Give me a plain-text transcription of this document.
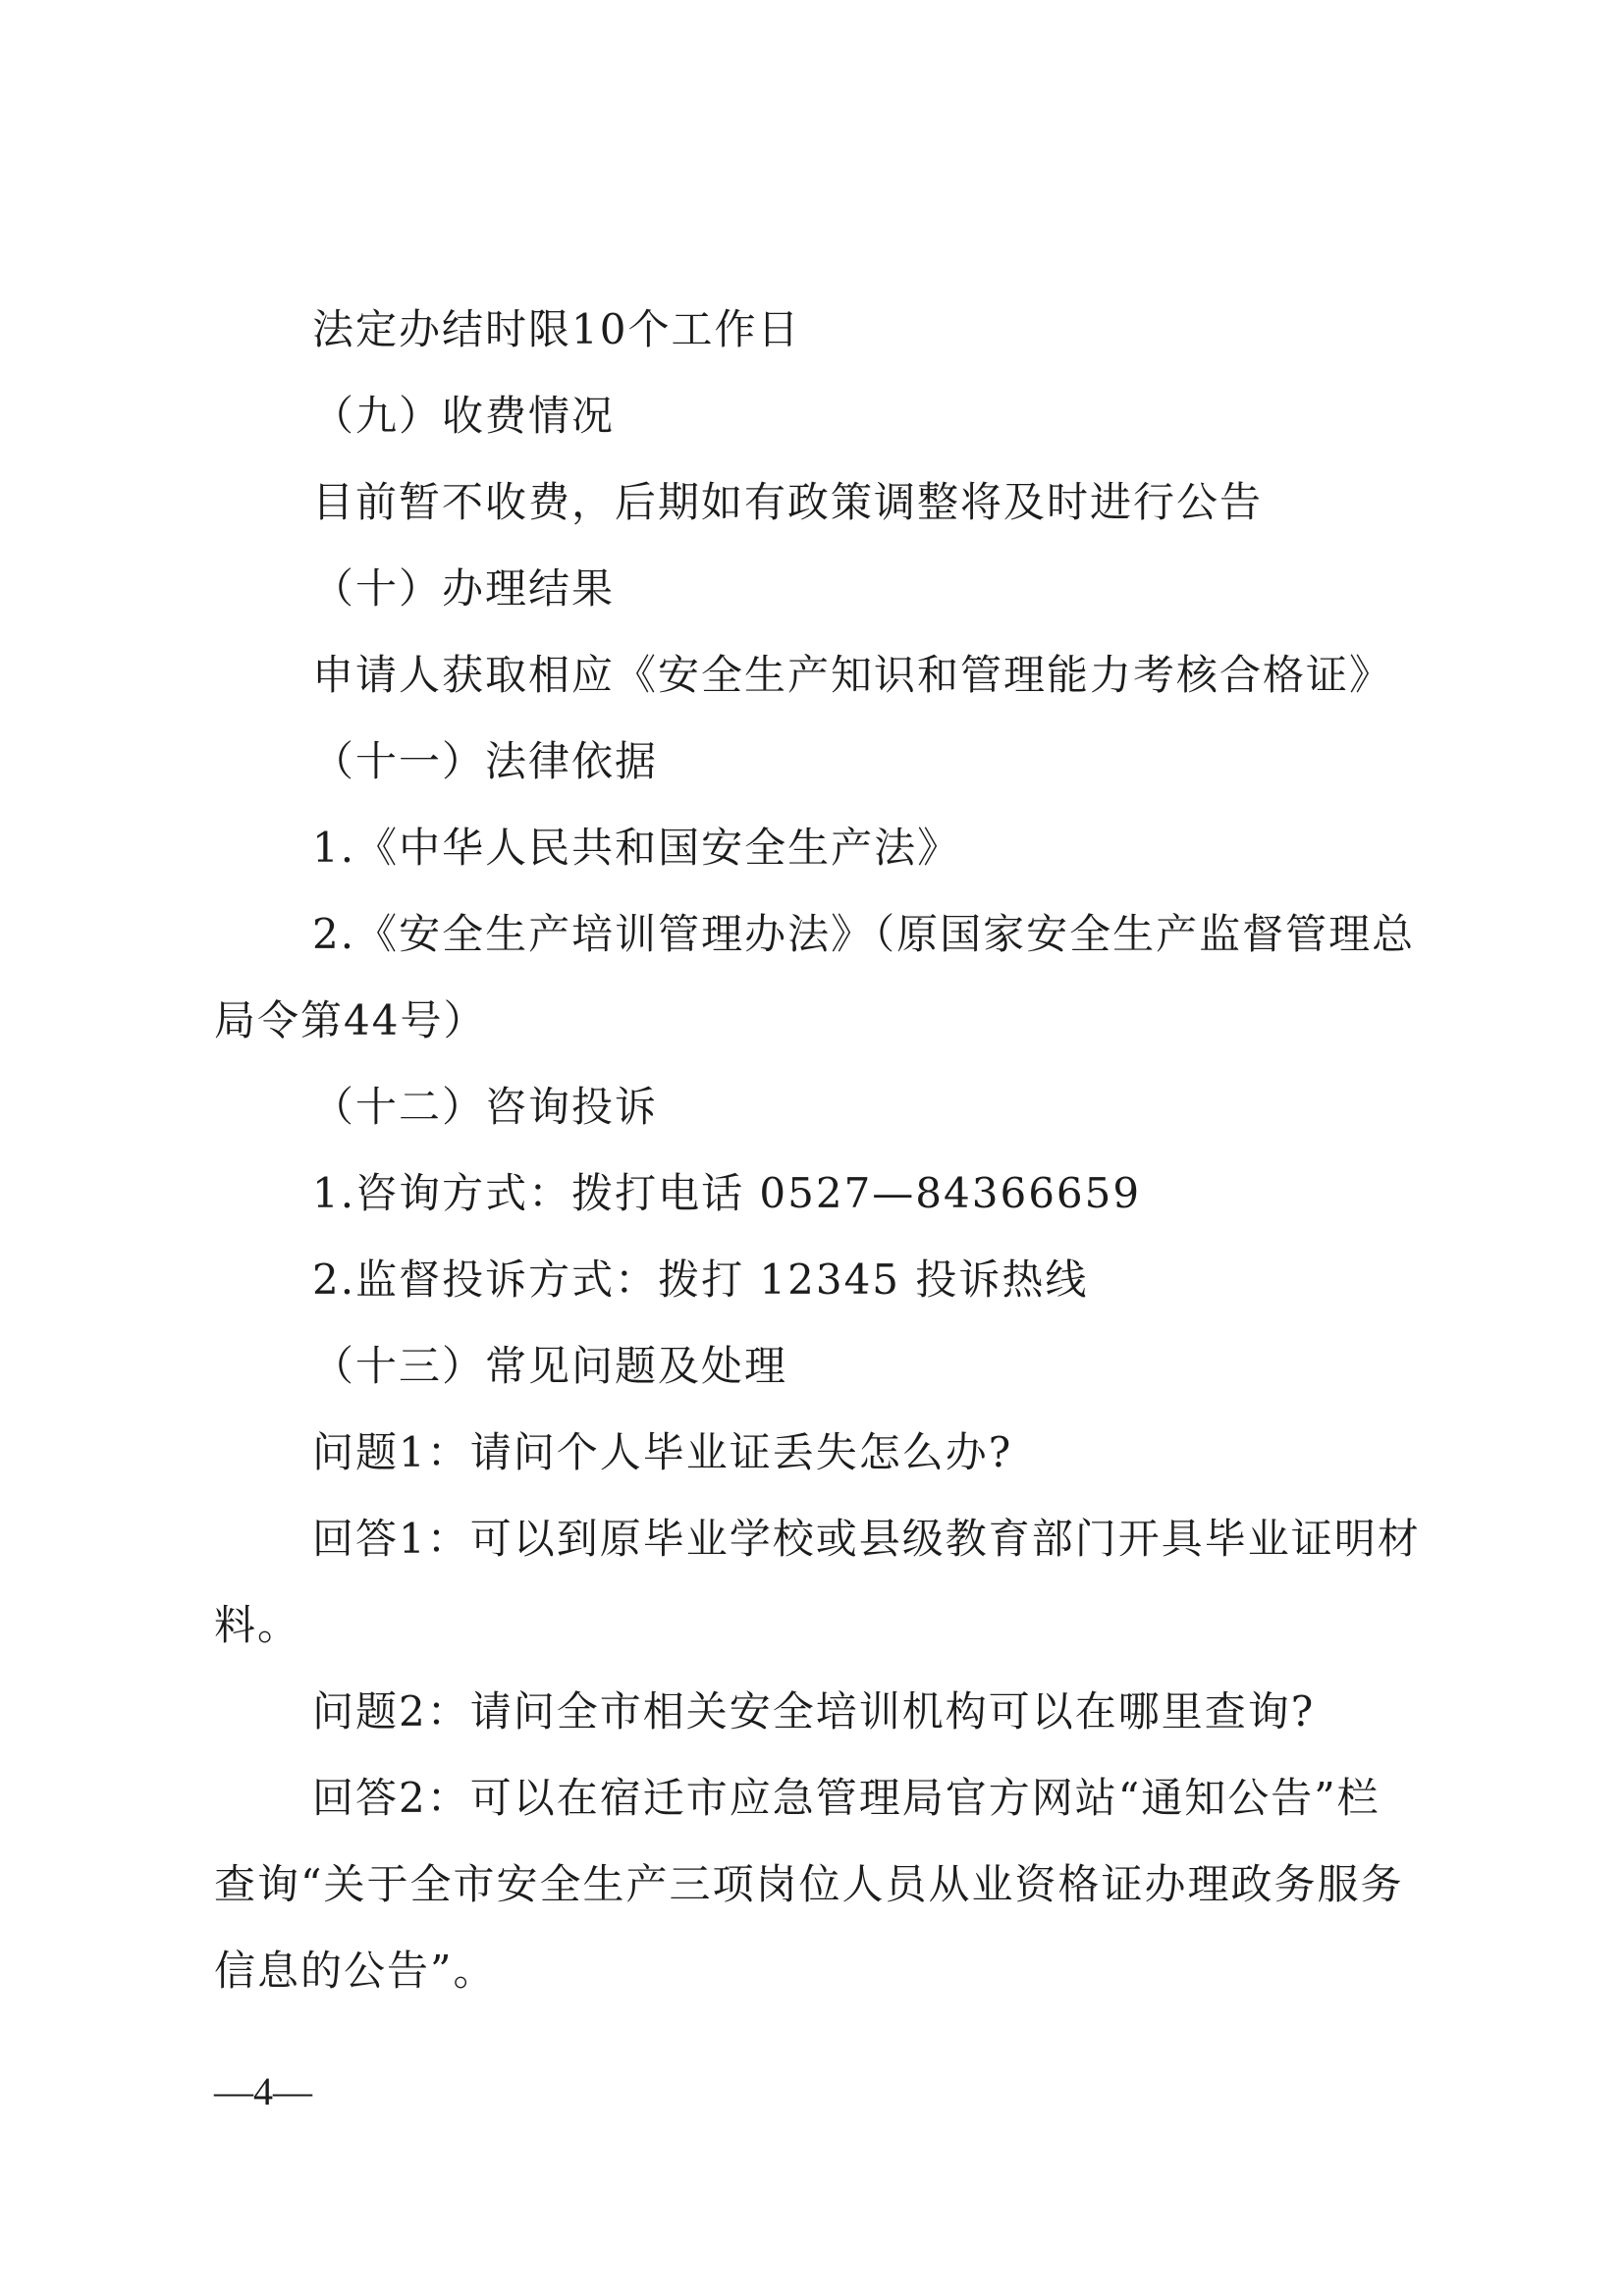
法定办结时限10个工作日
（九）收费情况
目前暂不收费，后期如有政策调整将及时进行公告
（十）办理结果
申请人获取相应《安全生产知识和管理能力考核合格证》
（十一）法律依据
1.《中华人民共和国安全生产法》
2.《安全生产培训管理办法》（原国家安全生产监督管理总
局令第44号）
（十二）咨询投诉
1.咨询方式：拨打电话 0527—84366659
2.监督投诉方式：拨打 12345 投诉热线
（十三）常见问题及处理
问题1：请问个人毕业证丢失怎么办?
回答1：可以到原毕业学校或县级教育部门开具毕业证明材
料。
问题2：请问全市相关安全培训机构可以在哪里查询?
回答2：可以在宿迁市应急管理局官方网站“通知公告”栏
查询“关于全市安全生产三项岗位人员从业资格证办理政务服务
信息的公告”。
—4—
